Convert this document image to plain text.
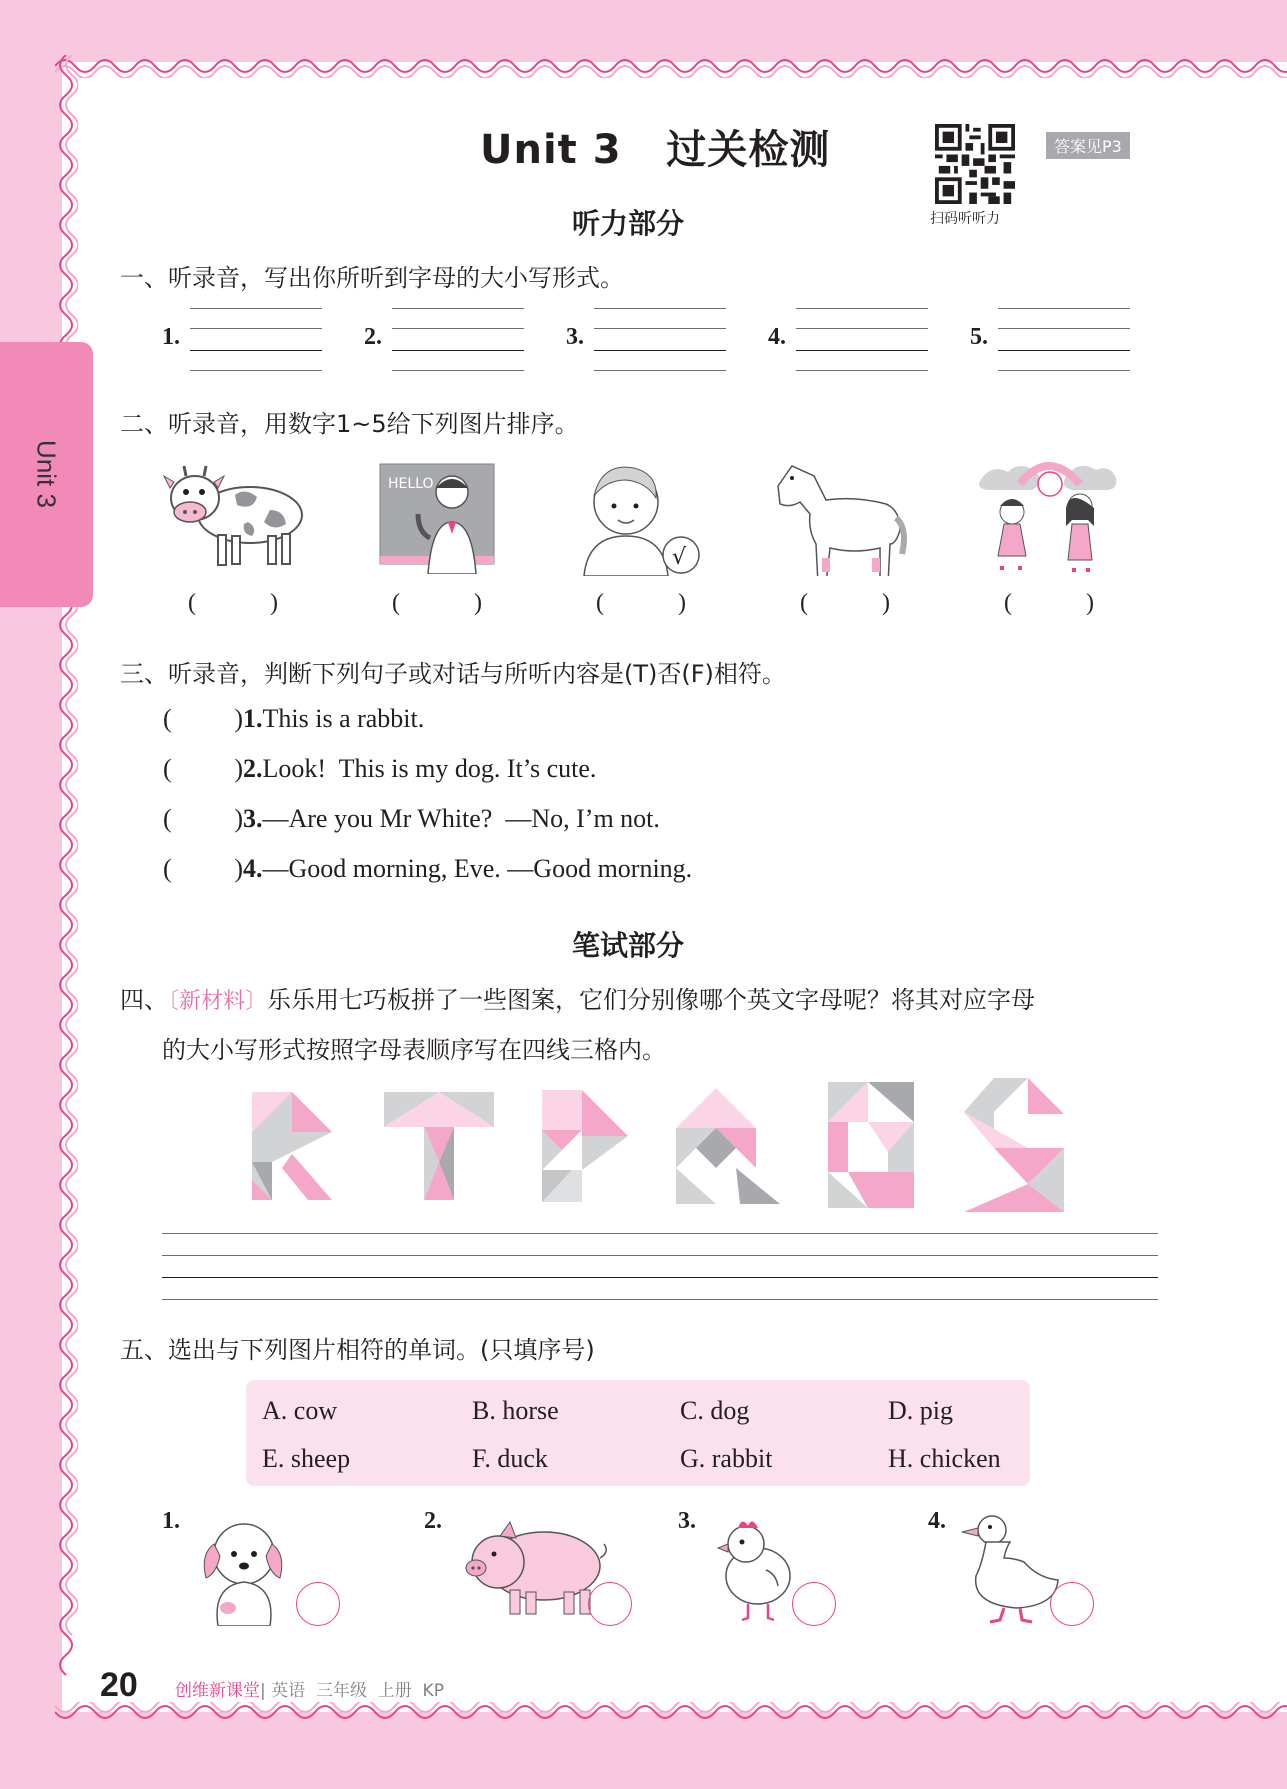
Unit 3
Unit 3   过关检测
扫码听听力
答案见P3
听力部分
一、听录音，写出你所听到字母的大小写形式。
1.	2.	3.	4.	5.
二、听录音，用数字1~5给下列图片排序。
HELLO
√
(	)	(	)	(	)	(	)	(	)
三、听录音，判断下列句子或对话与所听内容是(T)否(F)相符。
( ) 1. This is a rabbit.
( ) 2. Look!  This is my dog. It’s cute.
( ) 3. —Are you Mr White?  —No, I’m not.
( ) 4. —Good morning, Eve. —Good morning.
笔试部分
四、〔新材料〕乐乐用七巧板拼了一些图案，它们分别像哪个英文字母呢？将其对应字母
的大小写形式按照字母表顺序写在四线三格内。
五、选出与下列图片相符的单词。(只填序号)
A. cow	B. horse	C. dog	D. pig
E. sheep	F. duck	G. rabbit	H. chicken
1.	2.	3.	4.
20 创维新课堂| 英语  三年级  上册  KP
